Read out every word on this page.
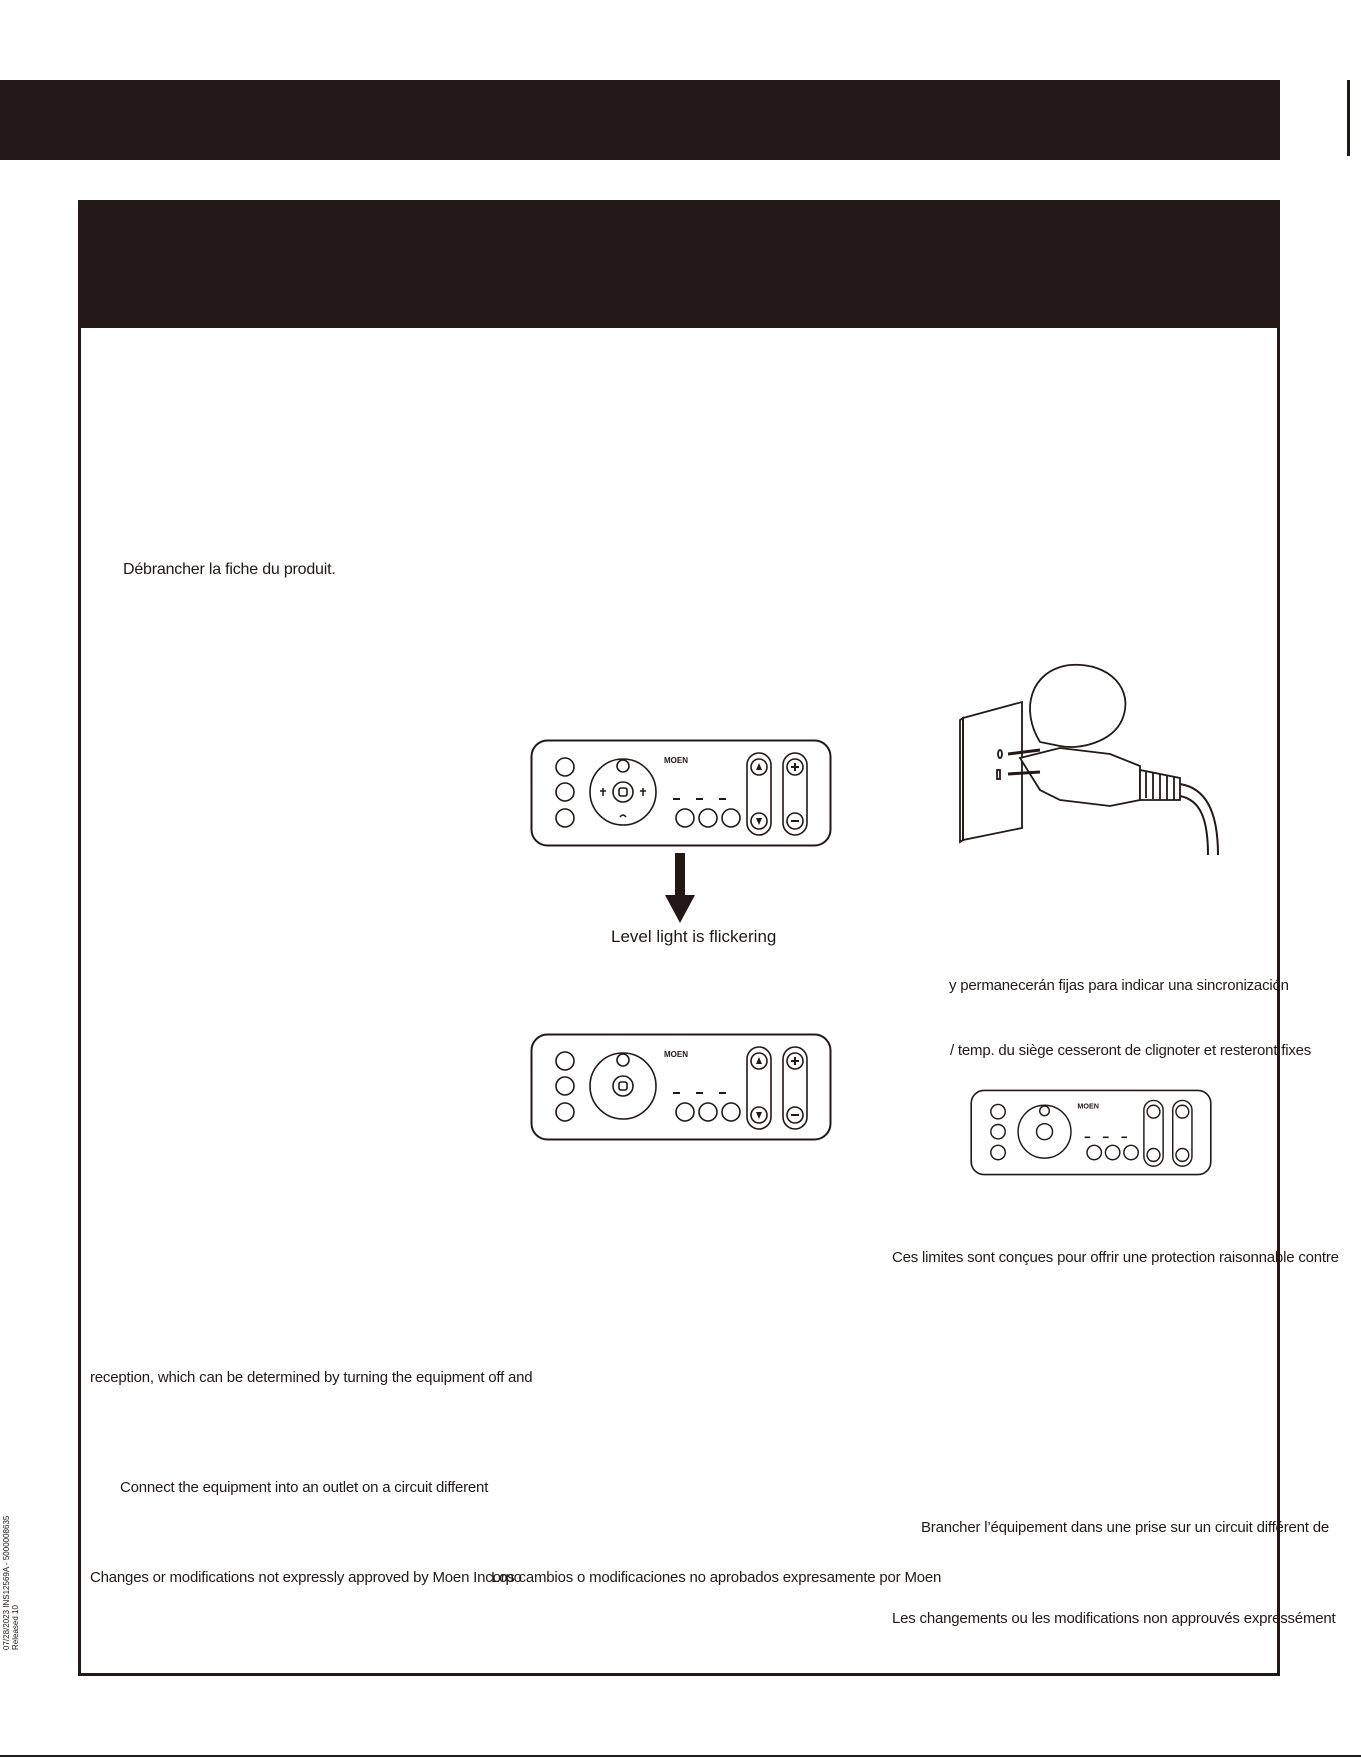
Débrancher la fiche du produit.
y permanecerán fijas para indicar una sincronización
/ temp. du siège cesseront de clignoter et resteront fixes
Ces limites sont conçues pour offrir une protection raisonnable contre
reception, which can be determined by turning the equipment off and
Connect the equipment into an outlet on a circuit different
Brancher l’équipement dans une prise sur un circuit différent de
Changes or modifications not expressly approved by Moen Incorpo
Los cambios o modificaciones no aprobados expresamente por Moen
Les changements ou les modifications non approuvés expressément
MOEN
Level light is flickering
MOEN
MOEN
07/28/2023 INS12569A - 5000008635 Released 10
